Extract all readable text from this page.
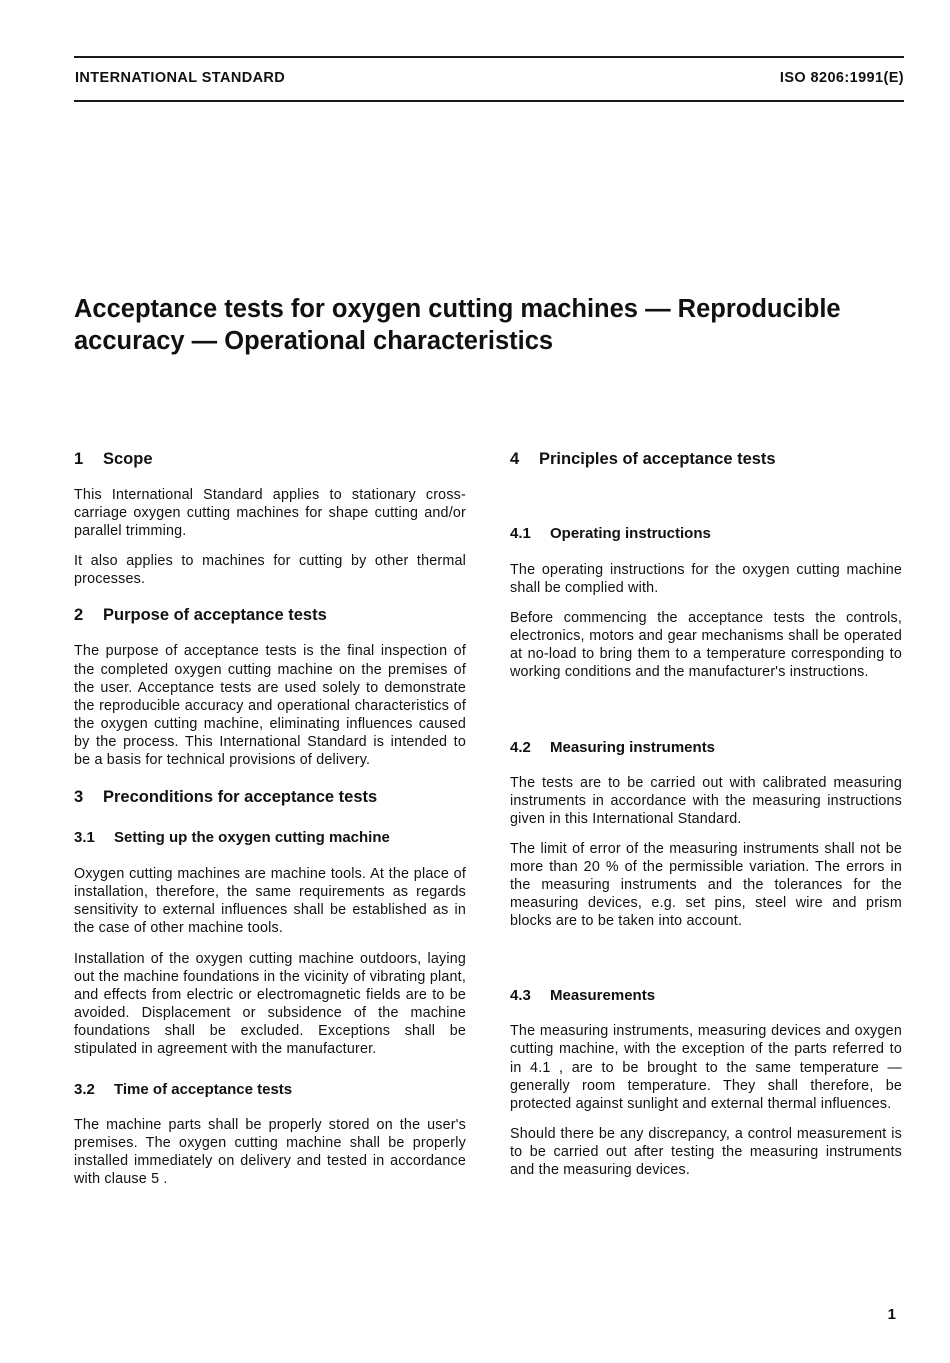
INTERNATIONAL STANDARD	ISO 8206:1991(E)
Acceptance tests for oxygen cutting machines — Reproducible accuracy — Operational characteristics
1 Scope

This International Standard applies to stationary cross-carriage oxygen cutting machines for shape cutting and/or parallel trimming.

It also applies to machines for cutting by other thermal processes.

2 Purpose of acceptance tests

The purpose of acceptance tests is the final inspection of the completed oxygen cutting machine on the premises of the user. Acceptance tests are used solely to demonstrate the reproducible accuracy and operational characteristics of the oxygen cutting machine, eliminating influences caused by the process. This International Standard is intended to be a basis for technical provisions of delivery.

3 Preconditions for acceptance tests
3.1 Setting up the oxygen cutting machine

Oxygen cutting machines are machine tools. At the place of installation, therefore, the same requirements as regards sensitivity to external influences shall be established as in the case of other machine tools.

Installation of the oxygen cutting machine outdoors, laying out the machine foundations in the vicinity of vibrating plant, and effects from electric or electromagnetic fields are to be avoided. Displacement or subsidence of the machine foundations shall be excluded. Exceptions shall be stipulated in agreement with the manufacturer.

3.2 Time of acceptance tests

The machine parts shall be properly stored on the user's premises. The oxygen cutting machine shall be properly installed immediately on delivery and tested in accordance with clause 5 .

4 Principles of acceptance tests
4.1 Operating instructions

The operating instructions for the oxygen cutting machine shall be complied with.

Before commencing the acceptance tests the controls, electronics, motors and gear mechanisms shall be operated at no-load to bring them to a temperature corresponding to working conditions and the manufacturer's instructions.

4.2 Measuring instruments

The tests are to be carried out with calibrated measuring instruments in accordance with the measuring instructions given in this International Standard.

The limit of error of the measuring instruments shall not be more than 20 % of the permissible variation. The errors in the measuring instruments and the tolerances for the measuring devices, e.g. set pins, steel wire and prism blocks are to be taken into account.

4.3 Measurements

The measuring instruments, measuring devices and oxygen cutting machine, with the exception of the parts referred to in 4.1 , are to be brought to the same temperature — generally room temperature. They shall therefore, be protected against sunlight and external thermal influences.

Should there be any discrepancy, a control measurement is to be carried out after testing the measuring instruments and the measuring devices.

1
